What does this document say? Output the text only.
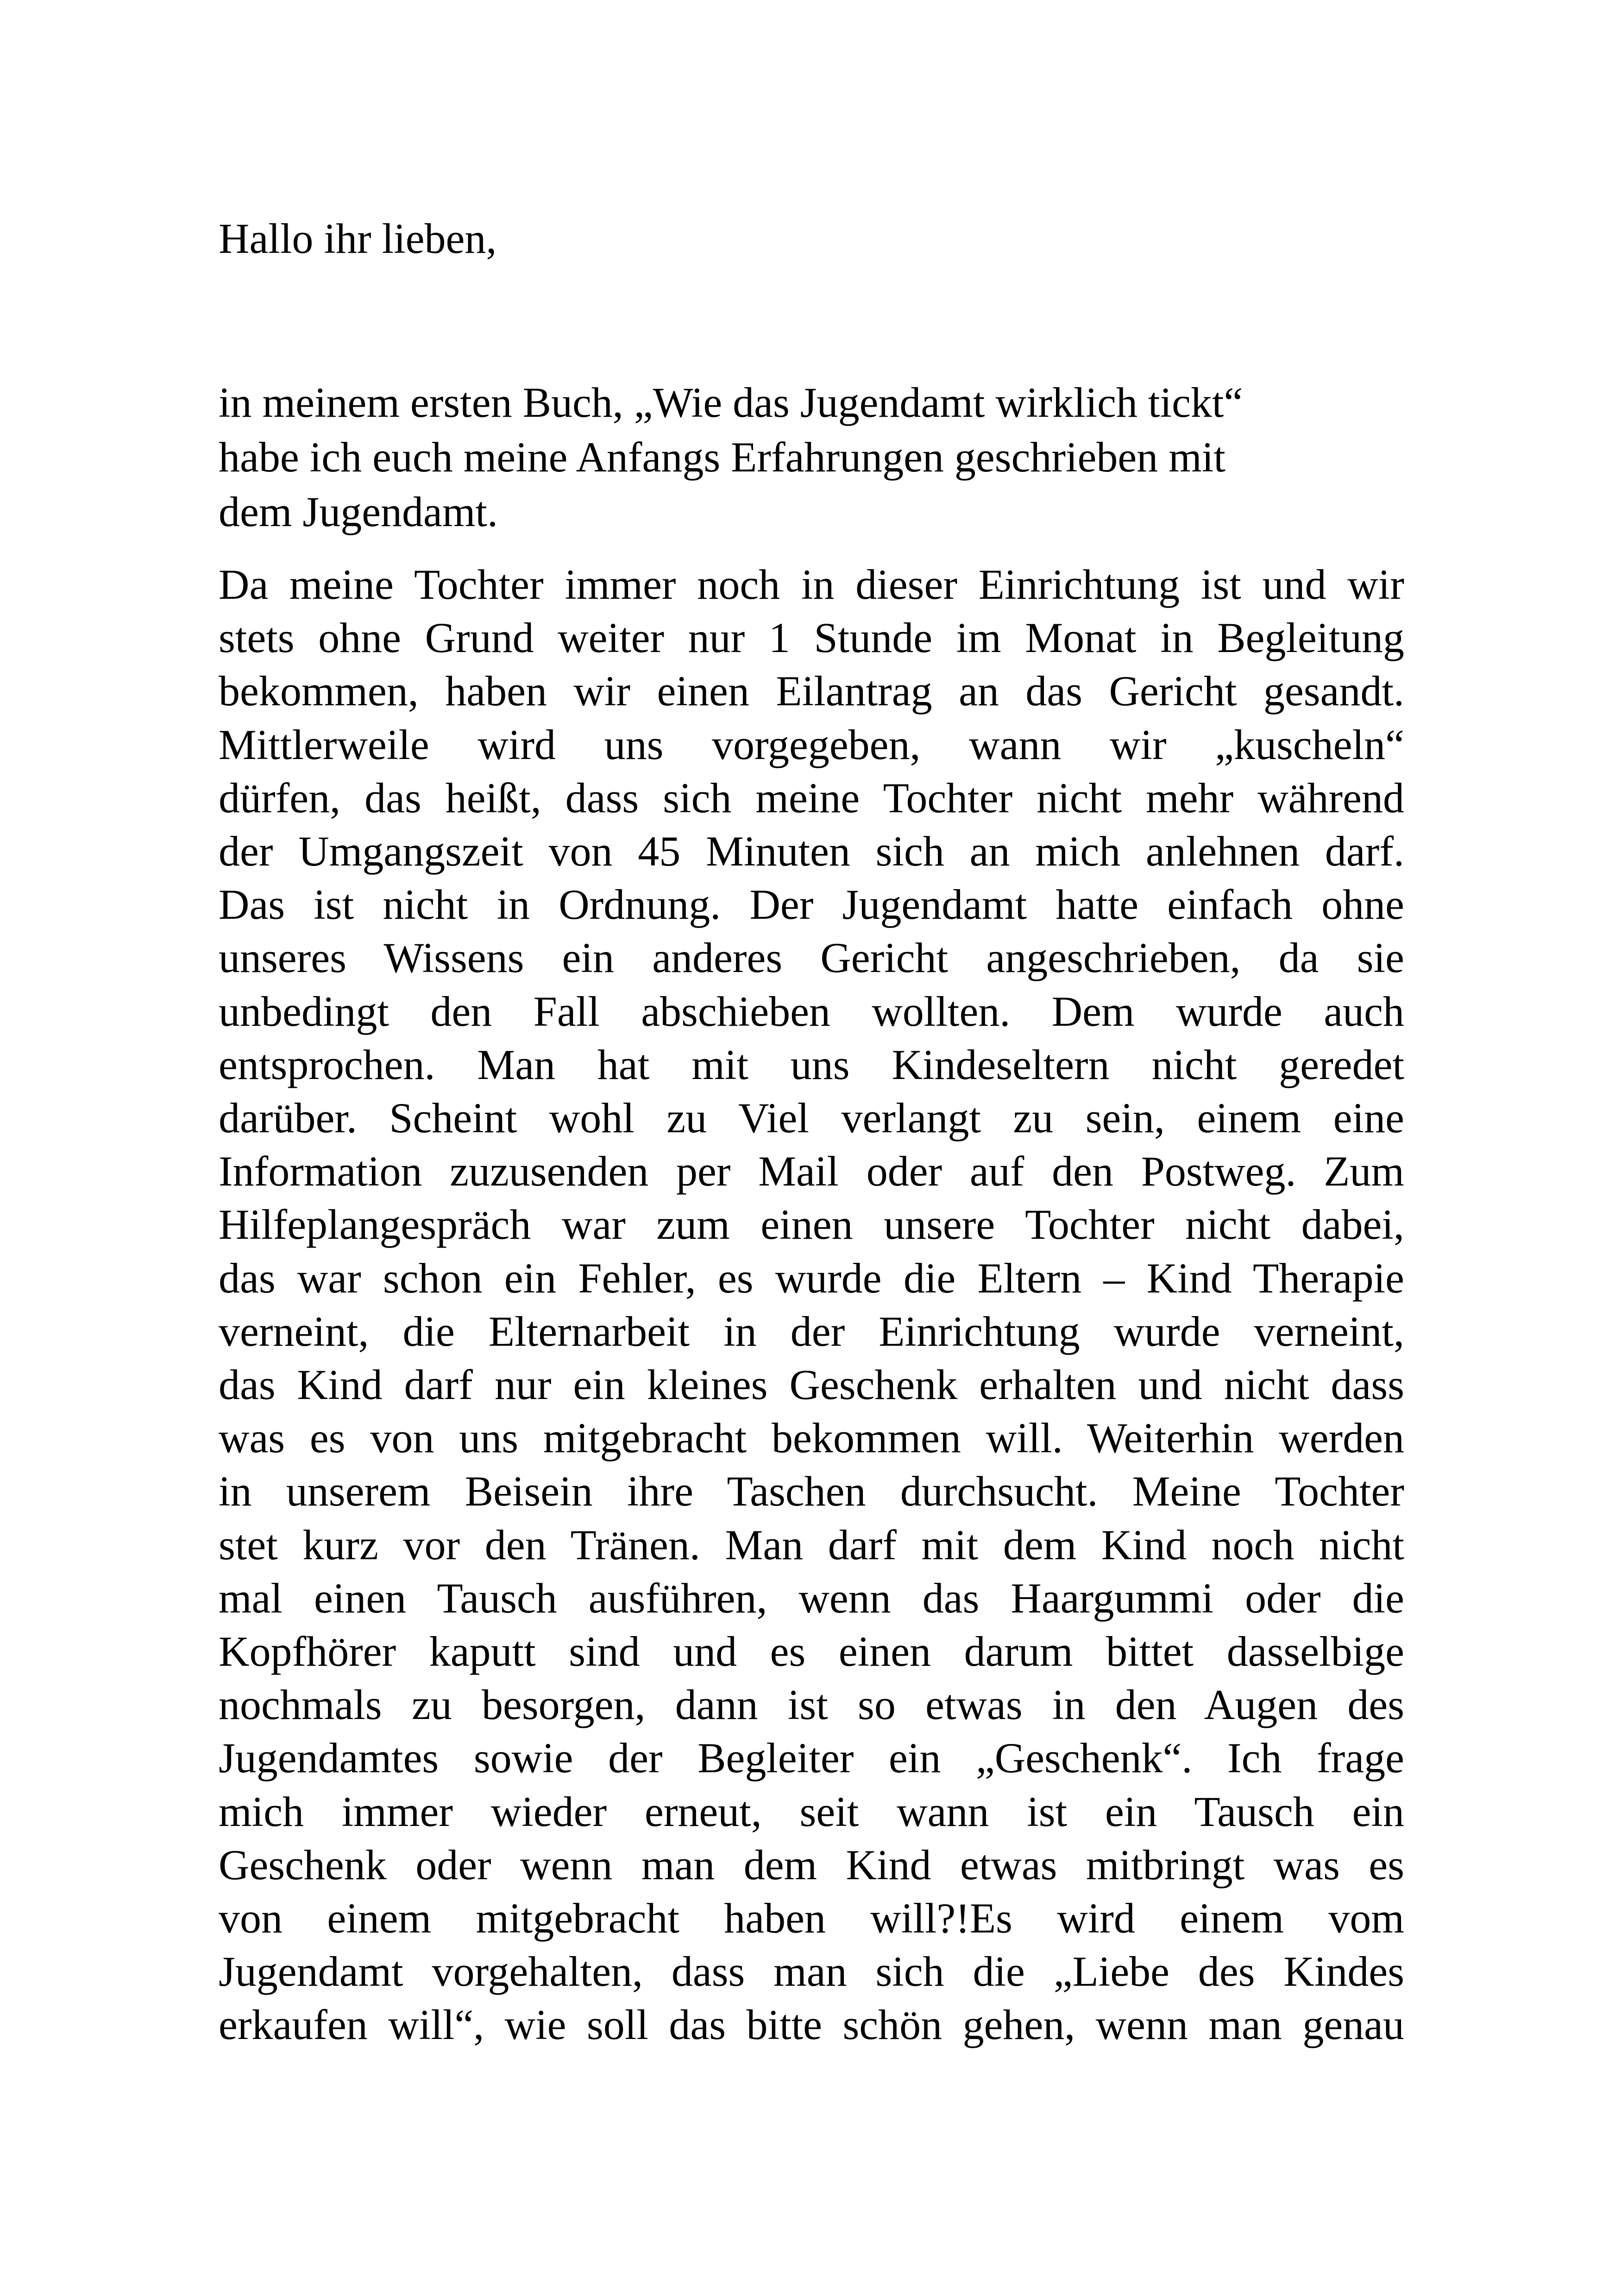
Hallo ihr lieben,
in meinem ersten Buch, „Wie das Jugendamt wirklich tickt“
habe ich euch meine Anfangs Erfahrungen geschrieben mit
dem Jugendamt.
Da meine Tochter immer noch in dieser Einrichtung ist und wir
stets ohne Grund weiter nur 1 Stunde im Monat in Begleitung
bekommen, haben wir einen Eilantrag an das Gericht gesandt.
Mittlerweile wird uns vorgegeben, wann wir „kuscheln“
dürfen, das heißt, dass sich meine Tochter nicht mehr während
der Umgangszeit von 45 Minuten sich an mich anlehnen darf.
Das ist nicht in Ordnung. Der Jugendamt hatte einfach ohne
unseres Wissens ein anderes Gericht angeschrieben, da sie
unbedingt den Fall abschieben wollten. Dem wurde auch
entsprochen. Man hat mit uns Kindeseltern nicht geredet
darüber. Scheint wohl zu Viel verlangt zu sein, einem eine
Information zuzusenden per Mail oder auf den Postweg. Zum
Hilfeplangespräch war zum einen unsere Tochter nicht dabei,
das war schon ein Fehler, es wurde die Eltern – Kind Therapie
verneint, die Elternarbeit in der Einrichtung wurde verneint,
das Kind darf nur ein kleines Geschenk erhalten und nicht dass
was es von uns mitgebracht bekommen will. Weiterhin werden
in unserem Beisein ihre Taschen durchsucht. Meine Tochter
stet kurz vor den Tränen. Man darf mit dem Kind noch nicht
mal einen Tausch ausführen, wenn das Haargummi oder die
Kopfhörer kaputt sind und es einen darum bittet dasselbige
nochmals zu besorgen, dann ist so etwas in den Augen des
Jugendamtes sowie der Begleiter ein „Geschenk“. Ich frage
mich immer wieder erneut, seit wann ist ein Tausch ein
Geschenk oder wenn man dem Kind etwas mitbringt was es
von einem mitgebracht haben will?!Es wird einem vom
Jugendamt vorgehalten, dass man sich die „Liebe des Kindes
erkaufen will“, wie soll das bitte schön gehen, wenn man genau
